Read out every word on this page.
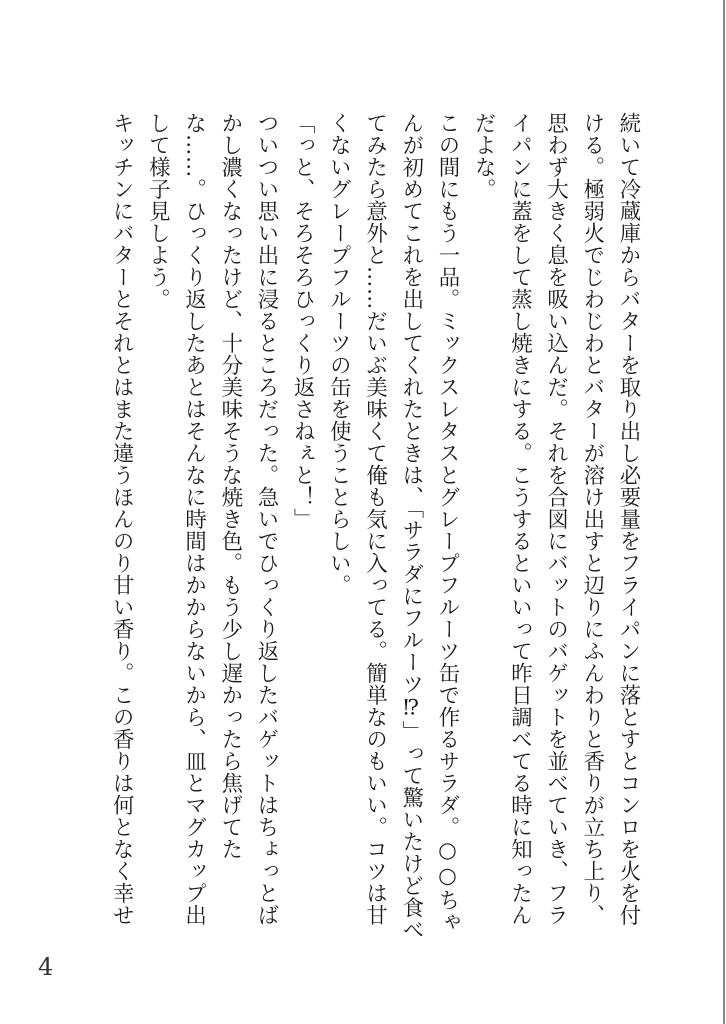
続いて冷蔵庫からバターを取り出し必要量をフライパンに落とすとコンロを火を付ける。極弱火でじわじわとバターが溶け出すと辺りにふんわりと香りが立ち上り、思わず大きく息を吸い込んだ。それを合図にバットのバゲットを並べていき、フライパンに蓋をして蒸し焼きにする。こうするといいって昨日調べてる時に知ったんだよな。

この間にもう一品。ミックスレタスとグレープフルーツ缶で作るサラダ。○○ちゃんが初めてこれを出してくれたときは、「サラダにフルーツ⁉」って驚いたけど食べてみたら意外と……だいぶ美味くて俺も気に入ってる。簡単なのもいい。コツは甘くないグレープフルーツの缶を使うことらしい。

「っと、そろそろひっくり返さねぇと！」

ついつい思い出に浸るところだった。急いでひっくり返したバゲットはちょっとばかし濃くなったけど、十分美味そうな焼き色。もう少し遅かったら焦げてたな……。ひっくり返したあとはそんなに時間はかからないから、皿とマグカップ出して様子見しよう。

キッチンにバターとそれとはまた違うほんのり甘い香り。この香りは何となく幸せ

4
